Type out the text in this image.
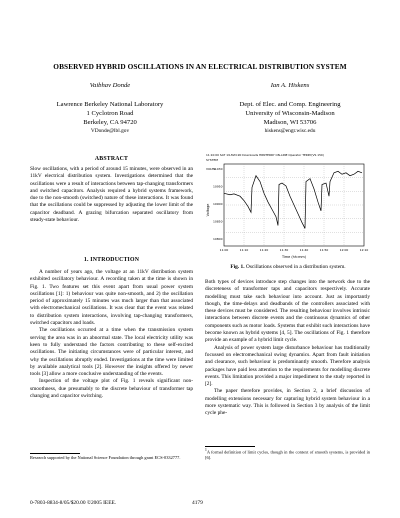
OBSERVED HYBRID OSCILLATIONS IN AN ELECTRICAL DISTRIBUTION SYSTEM
Vaibhav Donde
Lawrence Berkeley National Laboratory
1 Cyclotron Road
Berkeley, CA 94720
VDonde@lbl.gov
Ian A. Hiskens
Dept. of Elec. and Comp. Engineering
University of Wisconsin-Madison
Madison, WI 53706
hiskens@engr.wisc.edu
ABSTRACT

Slow oscillations, with a period of around 15 minutes, were observed in an 11kV electrical distribution system. Investigations determined that the oscillations were a result of interactions between tap-changing transformers and switched capacitors. Analysis required a hybrid systems framework, due to the non-smooth (switched) nature of these interactions. It was found that the oscillations could be suppressed by adjusting the lower limit of the capacitor deadband. A grazing bifurcation separated oscillatory from steady-state behaviour.

1. INTRODUCTION

A number of years ago, the voltage at an 11kV distribution system exhibited oscillatory behaviour. A recording taken at the time is shown in Fig. 1. Two features set this event apart from usual power system oscillations [1]: 1) behaviour was quite non-smooth, and 2) the oscillation period of approximately 15 minutes was much larger than that associated with electromechanical oscillations. It was clear that the event was related to distribution system interactions, involving tap-changing transformers, switched capacitors and loads.

The oscillations occurred at a time when the transmission system serving the area was in an abnormal state. The local electricity utility was keen to fully understand the factors contributing to these self-excited oscillations. The initiating circumstances were of particular interest, and why the oscillations abruptly ended. Investigations at the time were limited by available analytical tools [2]. However the insights offered by newer tools [3] allow a more conclusive understanding of the events.

Inspection of the voltage plot of Fig. 1 reveals significant non-smoothness, due presumably to the discrete behaviour of transformer tap changing and capacitor switching.

Research supported by the National Science Foundation through grant ECS-0332777.
11:10:00 SAT 19-MAY-90 Downloads HRNTERRY ON-LINE Operator TERRY(VS 150)
SYSTEM
VOLTS
Voltage
Time (hh:mm)
11030
10950
10900
10850
10800
11:00	11:10	11:20	11:30	11:40	11:50	12:00	12:10
Fig. 1. Oscillations observed in a distribution system.

Both types of devices introduce step changes into the network due to the discreteness of transformer taps and capacitors respectively. Accurate modelling must take such behaviour into account. Just as importantly though, the time-delays and deadbands of the controllers associated with these devices must be considered. The resulting behaviour involves intrinsic interactions between discrete events and the continuous dynamics of other components such as motor loads. Systems that exhibit such interactions have become known as hybrid systems [4, 5]. The oscillations of Fig. 1 therefore provide an example of a hybrid limit cycle.

Analysis of power system large disturbance behaviour has traditionally focussed on electromechanical swing dynamics. Apart from fault initiation and clearance, such behaviour is predominantly smooth. Therefore analysis packages have paid less attention to the requirements for modelling discrete events. This limitation provided a major impediment to the study reported in [2].

The paper therefore provides, in Section 2, a brief discussion of modelling extensions necessary for capturing hybrid system behaviour in a more systematic way. This is followed in Section 3 by analysis of the limit cycle phe-

$^1$A formal definition of limit cycles, though in the context of smooth systems, is provided in [6].
0-7803-8834-8/05/$20.00 ©2005 IEEE.	4179
